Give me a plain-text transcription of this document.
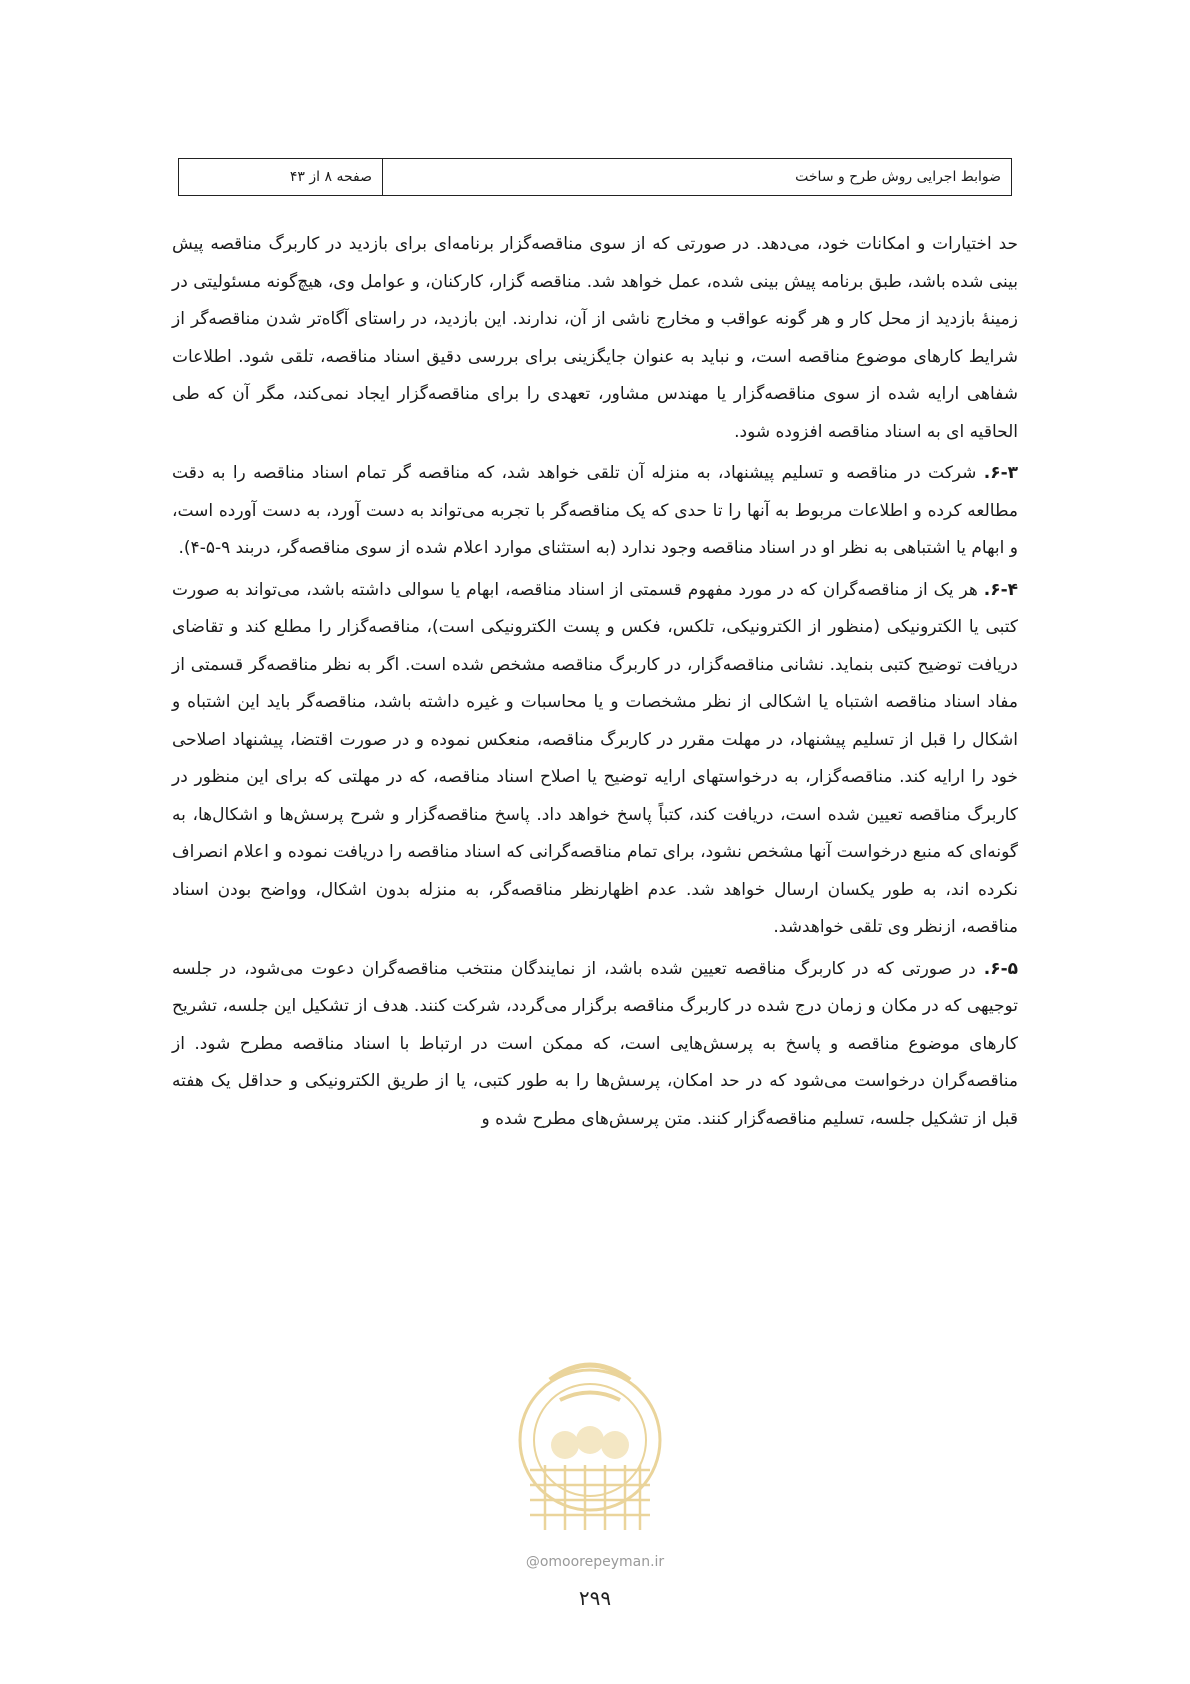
صفحه ۸ از ۴۳	ضوابط اجرایی روش طرح و ساخت

حد اختیارات و امکانات خود، می‌دهد. در صورتی که از سوی مناقصه‌گزار برنامه‌ای برای بازدید در کاربرگ مناقصه پیش بینی شده باشد، طبق برنامه پیش بینی شده، عمل خواهد شد. مناقصه گزار، کارکنان، و عوامل وی، هیچ‌گونه مسئولیتی در زمینهٔ بازدید از محل کار و هر گونه عواقب و مخارج ناشی از آن، ندارند. این بازدید، در راستای آگاه‌تر شدن مناقصه‌گر از شرایط کارهای موضوع مناقصه است، و نباید به عنوان جایگزینی برای بررسی دقیق اسناد مناقصه، تلقی شود. اطلاعات شفاهی ارایه شده از سوی مناقصه‌گزار یا مهندس مشاور، تعهدی را برای مناقصه‌گزار ایجاد نمی‌کند، مگر آن که طی الحاقیه ای به اسناد مناقصه افزوده شود.

۶-۳. شرکت در مناقصه و تسلیم پیشنهاد، به منزله آن تلقی خواهد شد، که مناقصه گر تمام اسناد مناقصه را به دقت مطالعه کرده و اطلاعات مربوط به آنها را تا حدی که یک مناقصه‌گر با تجربه می‌تواند به دست آورد، به دست آورده است، و ابهام یا اشتباهی به نظر او در اسناد مناقصه وجود ندارد (به استثنای موارد اعلام شده از سوی مناقصه‌گر، دربند ۹-۵-۴).

۶-۴. هر یک از مناقصه‌گران که در مورد مفهوم قسمتی از اسناد مناقصه، ابهام یا سوالی داشته باشد، می‌تواند به صورت کتبی یا الکترونیکی (منظور از الکترونیکی، تلکس، فکس و پست الکترونیکی است)، مناقصه‌گزار را مطلع کند و تقاضای دریافت توضیح کتبی بنماید. نشانی مناقصه‌گزار، در کاربرگ مناقصه مشخص شده است. اگر به نظر مناقصه‌گر قسمتی از مفاد اسناد مناقصه اشتباه یا اشکالی از نظر مشخصات و یا محاسبات و غیره داشته باشد، مناقصه‌گر باید این اشتباه و اشکال را قبل از تسلیم پیشنهاد، در مهلت مقرر در کاربرگ مناقصه، منعکس نموده و در صورت اقتضا، پیشنهاد اصلاحی خود را ارایه کند. مناقصه‌گزار، به درخواستهای ارایه توضیح یا اصلاح اسناد مناقصه، که در مهلتی که برای این منظور در کاربرگ مناقصه تعیین شده است، دریافت کند، کتباً پاسخ خواهد داد. پاسخ مناقصه‌گزار و شرح پرسش‌ها و اشکال‌ها، به گونه‌ای که منبع درخواست آنها مشخص نشود، برای تمام مناقصه‌گرانی که اسناد مناقصه را دریافت نموده و اعلام انصراف نکرده اند، به طور یکسان ارسال خواهد شد. عدم اظهارنظر مناقصه‌گر، به منزله بدون اشکال، وواضح بودن اسناد مناقصه، ازنظر وی تلقی خواهدشد.

۶-۵. در صورتی که در کاربرگ مناقصه تعیین شده باشد، از نمایندگان منتخب مناقصه‌گران دعوت می‌شود، در جلسه توجیهی که در مکان و زمان درج شده در کاربرگ مناقصه برگزار می‌گردد، شرکت کنند. هدف از تشکیل این جلسه، تشریح کارهای موضوع مناقصه و پاسخ به پرسش‌هایی است، که ممکن است در ارتباط با اسناد مناقصه مطرح شود. از مناقصه‌گران درخواست می‌شود که در حد امکان، پرسش‌ها را به طور کتبی، یا از طریق الکترونیکی و حداقل یک هفته قبل از تشکیل جلسه، تسلیم مناقصه‌گزار کنند. متن پرسش‌های مطرح شده و

@omoorepeyman.ir
۲۹۹
